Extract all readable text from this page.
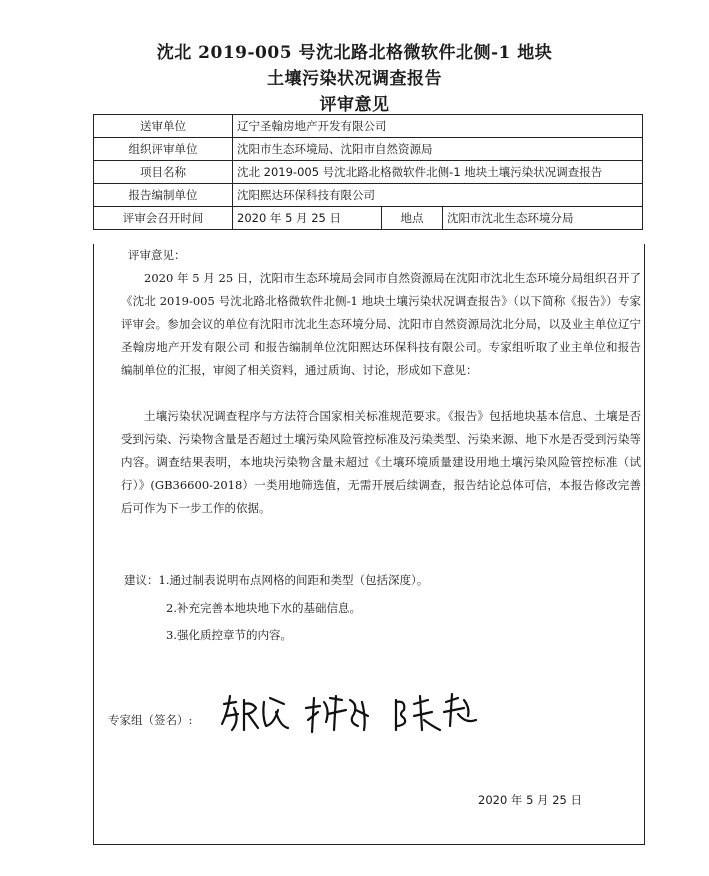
沈北 2019-005 号沈北路北格微软件北侧-1 地块
土壤污染状况调查报告
评审意见
送审单位	辽宁圣翰房地产开发有限公司		
组织评审单位	沈阳市生态环境局、沈阳市自然资源局		
项目名称	沈北 2019-005 号沈北路北格微软件北侧-1 地块土壤污染状况调查报告		
报告编制单位	沈阳熙达环保科技有限公司		
评审会召开时间	2020 年 5 月 25 日	地点	沈阳市沈北生态环境分局
评审意见：
2020 年 5 月 25 日，沈阳市生态环境局会同市自然资源局在沈阳市沈北生态环境分局组织召开了《沈北 2019-005 号沈北路北格微软件北侧-1 地块土壤污染状况调查报告》（以下简称《报告》）专家评审会。参加会议的单位有沈阳市沈北生态环境分局、沈阳市自然资源局沈北分局，以及业主单位辽宁圣翰房地产开发有限公司 和报告编制单位沈阳熙达环保科技有限公司。专家组听取了业主单位和报告编制单位的汇报，审阅了相关资料，通过质询、讨论，形成如下意见：
土壤污染状况调查程序与方法符合国家相关标准规范要求。《报告》包括地块基本信息、土壤是否受到污染、污染物含量是否超过土壤污染风险管控标准及污染类型、污染来源、地下水是否受到污染等内容。调查结果表明，本地块污染物含量未超过《土壤环境质量建设用地土壤污染风险管控标准（试行）》(GB36600-2018）一类用地筛选值，无需开展后续调查，报告结论总体可信，本报告修改完善后可作为下一步工作的依据。
建议：1.通过制表说明布点网格的间距和类型（包括深度）。
2.补充完善本地块地下水的基础信息。
3.强化质控章节的内容。
专家组（签名）:
2020 年 5 月 25 日
